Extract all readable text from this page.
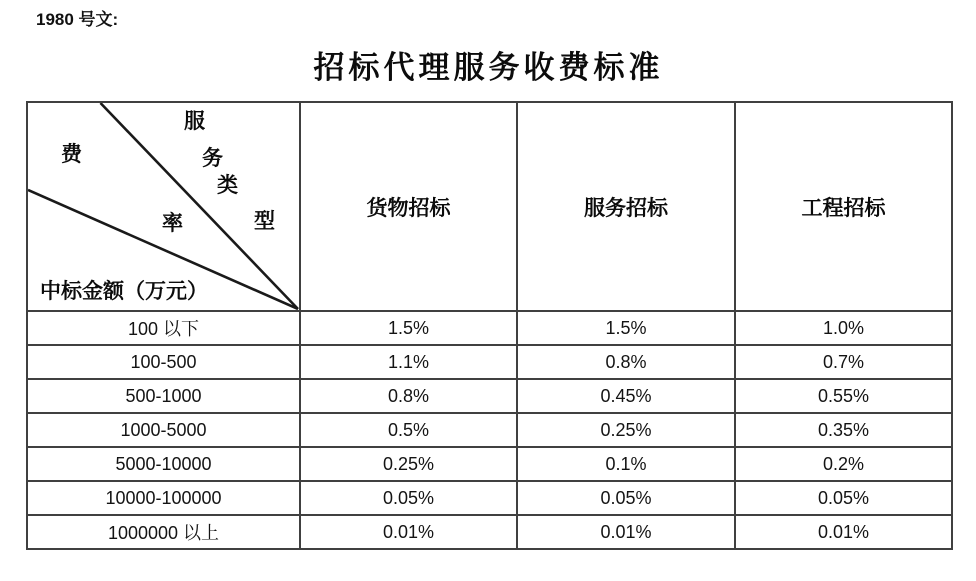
1980 号文:
招标代理服务收费标准
费
率
服
务
类
型
中标金额（万元）
	货物招标	服务招标	工程招标
100 以下	1.5%	1.5%	1.0%
100-500	1.1%	0.8%	0.7%
500-1000	0.8%	0.45%	0.55%
1000-5000	0.5%	0.25%	0.35%
5000-10000	0.25%	0.1%	0.2%
10000-100000	0.05%	0.05%	0.05%
1000000 以上	0.01%	0.01%	0.01%
